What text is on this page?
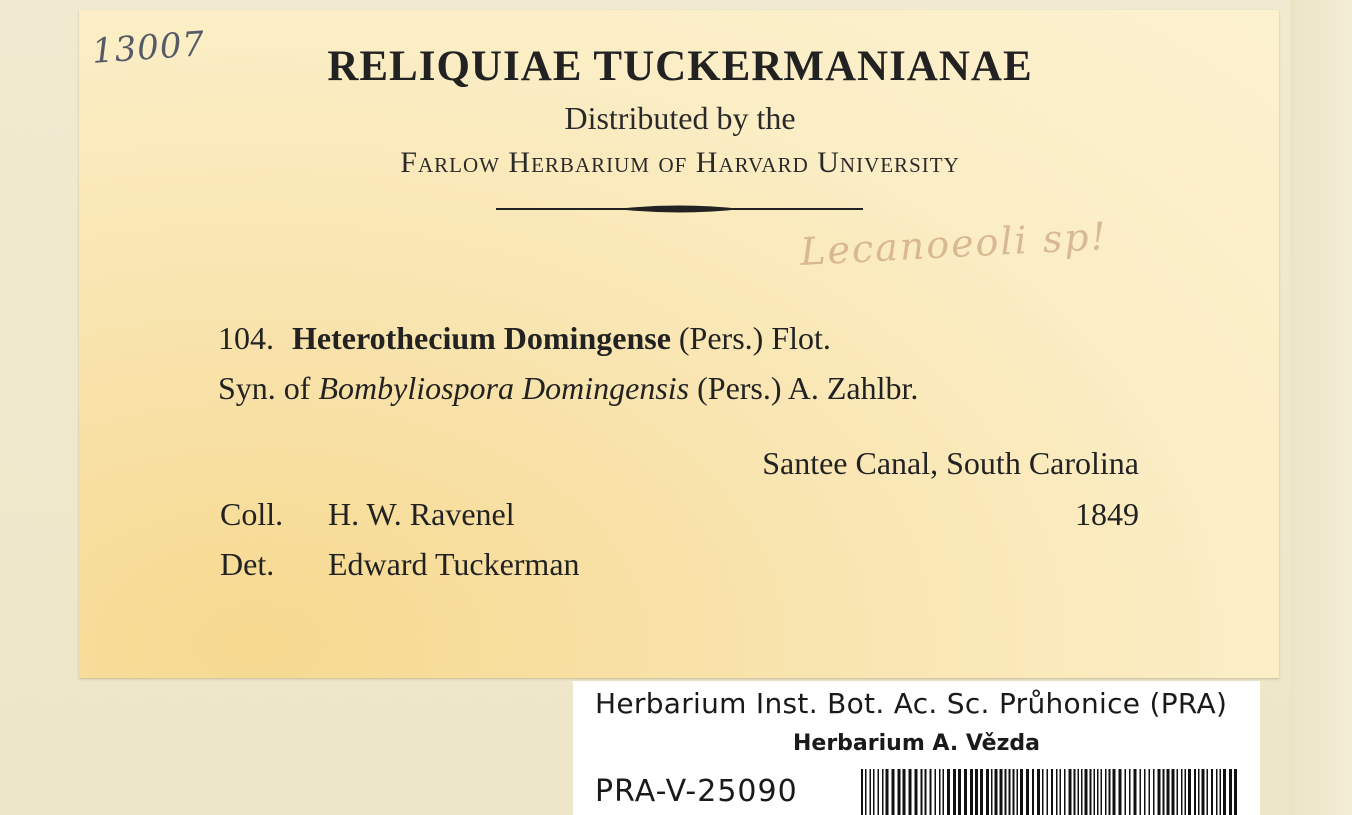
13007	RELIQUIAE TUCKERMANIANAE
Distributed by the
Farlow Herbarium of Harvard University
Lecanoeoli sp!
104. Heterothecium Domingense (Pers.) Flot.
Syn. of Bombyliospora Domingensis (Pers.) A. Zahlbr.
Santee Canal, South Carolina
Coll. H. W. Ravenel	1849
Det. Edward Tuckerman
Herbarium Inst. Bot. Ac. Sc. Průhonice (PRA)
Herbarium A. Vězda
PRA-V-25090
